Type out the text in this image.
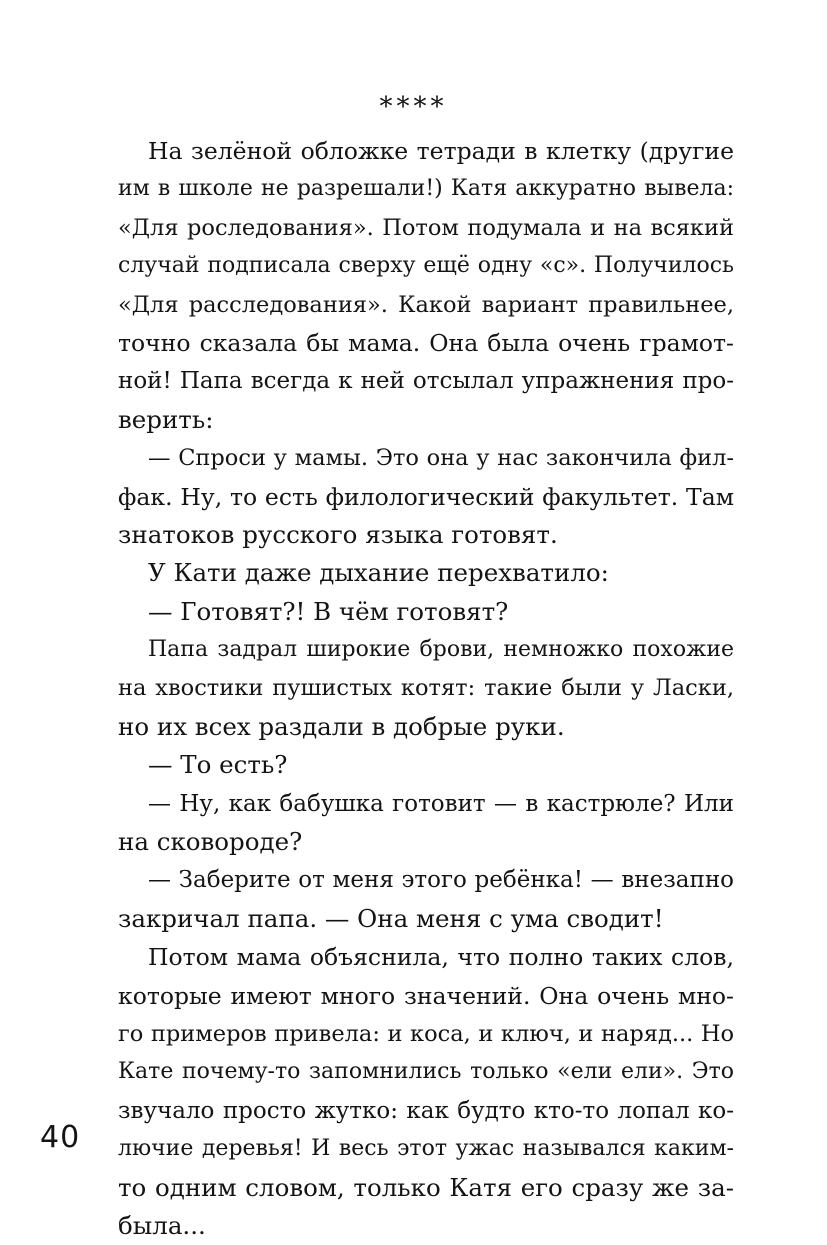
****
На зелёной обложке тетради в клетку (другие
им в школе не разрешали!) Катя аккуратно вывела:
«Для роследования». Потом подумала и на всякий
случай подписала сверху ещё одну «с». Получилось
«Для расследования». Какой вариант правильнее,
точно сказала бы мама. Она была очень грамот-
ной! Папа всегда к ней отсылал упражнения про-
верить:
— Спроси у мамы. Это она у нас закончила фил-
фак. Ну, то есть филологический факультет. Там
знатоков русского языка готовят.
У Кати даже дыхание перехватило:
— Готовят?! В чём готовят?
Папа задрал широкие брови, немножко похожие
на хвостики пушистых котят: такие были у Ласки,
но их всех раздали в добрые руки.
— То есть?
— Ну, как бабушка готовит — в кастрюле? Или
на сковороде?
— Заберите от меня этого ребёнка! — внезапно
закричал папа. — Она меня с ума сводит!
Потом мама объяснила, что полно таких слов,
которые имеют много значений. Она очень мно-
го примеров привела: и коса, и ключ, и наряд... Но
Кате почему-то запомнились только «ели ели». Это
звучало просто жутко: как будто кто-то лопал ко-
лючие деревья! И весь этот ужас назывался каким-
то одним словом, только Катя его сразу же за-
была...
40
